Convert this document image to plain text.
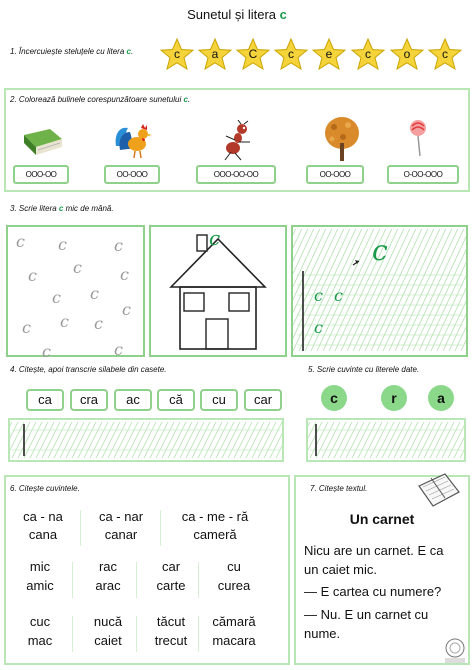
Sunetul și litera c
1. Încercuiește steluțele cu litera c.	c	a	C	c	e	c	o	c
2. Colorează bulinele corespunzătoare sunetului c.
OOO-OO	OO-OOO	OOO-OO-OO	OO-OOO	O-OO-OOO
3. Scrie litera c mic de mână.
c c	c
c c c
c c
c c c
c
c	c
c	c
c c
c
4. Citește, apoi transcrie silabele din casete.
ca	cra	ac	că	cu	car
5. Scrie cuvinte cu literele date.
c	r	a
6. Citește cuvintele.
ca - na	ca - nar	ca - me - ră
cana	canar	cameră
mic	rac	car	cu
amic	arac	carte	curea
cuc	nucă	tăcut	cămară
mac	caiet	trecut	macara
7. Citește textul.
Un carnet
Nicu are un carnet. E ca
un caiet mic.
— E cartea cu numere?
— Nu. E un carnet cu
nume.
